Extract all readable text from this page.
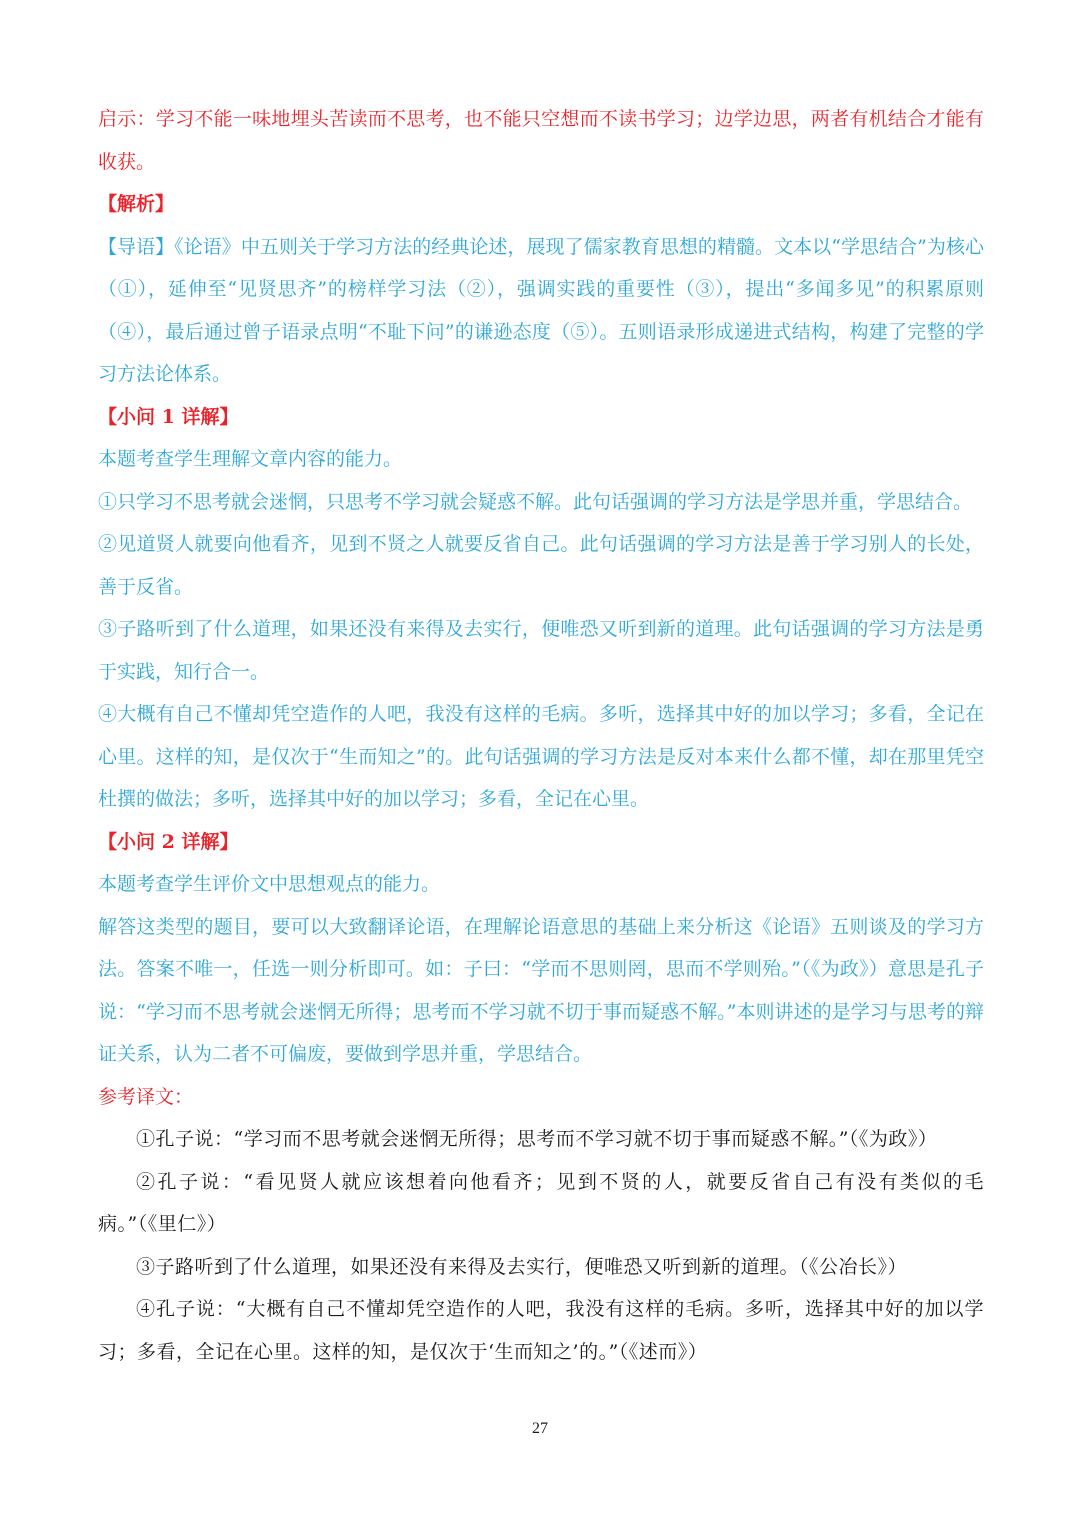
启示：学习不能一味地埋头苦读而不思考，也不能只空想而不读书学习；边学边思，两者有机结合才能有收获。

【解析】

【导语】《论语》中五则关于学习方法的经典论述，展现了儒家教育思想的精髓。文本以“学思结合”为核心（①），延伸至“见贤思齐”的榜样学习法（②），强调实践的重要性（③），提出“多闻多见”的积累原则（④），最后通过曾子语录点明“不耻下问”的谦逊态度（⑤）。五则语录形成递进式结构，构建了完整的学习方法论体系。

【小问 1 详解】

本题考查学生理解文章内容的能力。

①只学习不思考就会迷惘，只思考不学习就会疑惑不解。此句话强调的学习方法是学思并重，学思结合。

②见道贤人就要向他看齐，见到不贤之人就要反省自己。此句话强调的学习方法是善于学习别人的长处，善于反省。

③子路听到了什么道理，如果还没有来得及去实行，便唯恐又听到新的道理。此句话强调的学习方法是勇于实践，知行合一。

④大概有自己不懂却凭空造作的人吧，我没有这样的毛病。多听，选择其中好的加以学习；多看，全记在心里。这样的知，是仅次于“生而知之”的。此句话强调的学习方法是反对本来什么都不懂，却在那里凭空杜撰的做法；多听，选择其中好的加以学习；多看，全记在心里。

【小问 2 详解】

本题考查学生评价文中思想观点的能力。

解答这类型的题目，要可以大致翻译论语，在理解论语意思的基础上来分析这《论语》五则谈及的学习方法。答案不唯一，任选一则分析即可。如：子曰：“学而不思则罔，思而不学则殆。”（《为政》）意思是孔子说：“学习而不思考就会迷惘无所得；思考而不学习就不切于事而疑惑不解。”本则讲述的是学习与思考的辩证关系，认为二者不可偏废，要做到学思并重，学思结合。

参考译文：

①孔子说：“学习而不思考就会迷惘无所得；思考而不学习就不切于事而疑惑不解。”（《为政》）

②孔子说：“看见贤人就应该想着向他看齐；见到不贤的人，就要反省自己有没有类似的毛病。”（《里仁》）

③子路听到了什么道理，如果还没有来得及去实行，便唯恐又听到新的道理。（《公冶长》）

④孔子说：“大概有自己不懂却凭空造作的人吧，我没有这样的毛病。多听，选择其中好的加以学习；多看，全记在心里。这样的知，是仅次于‘生而知之’的。”（《述而》）

27
